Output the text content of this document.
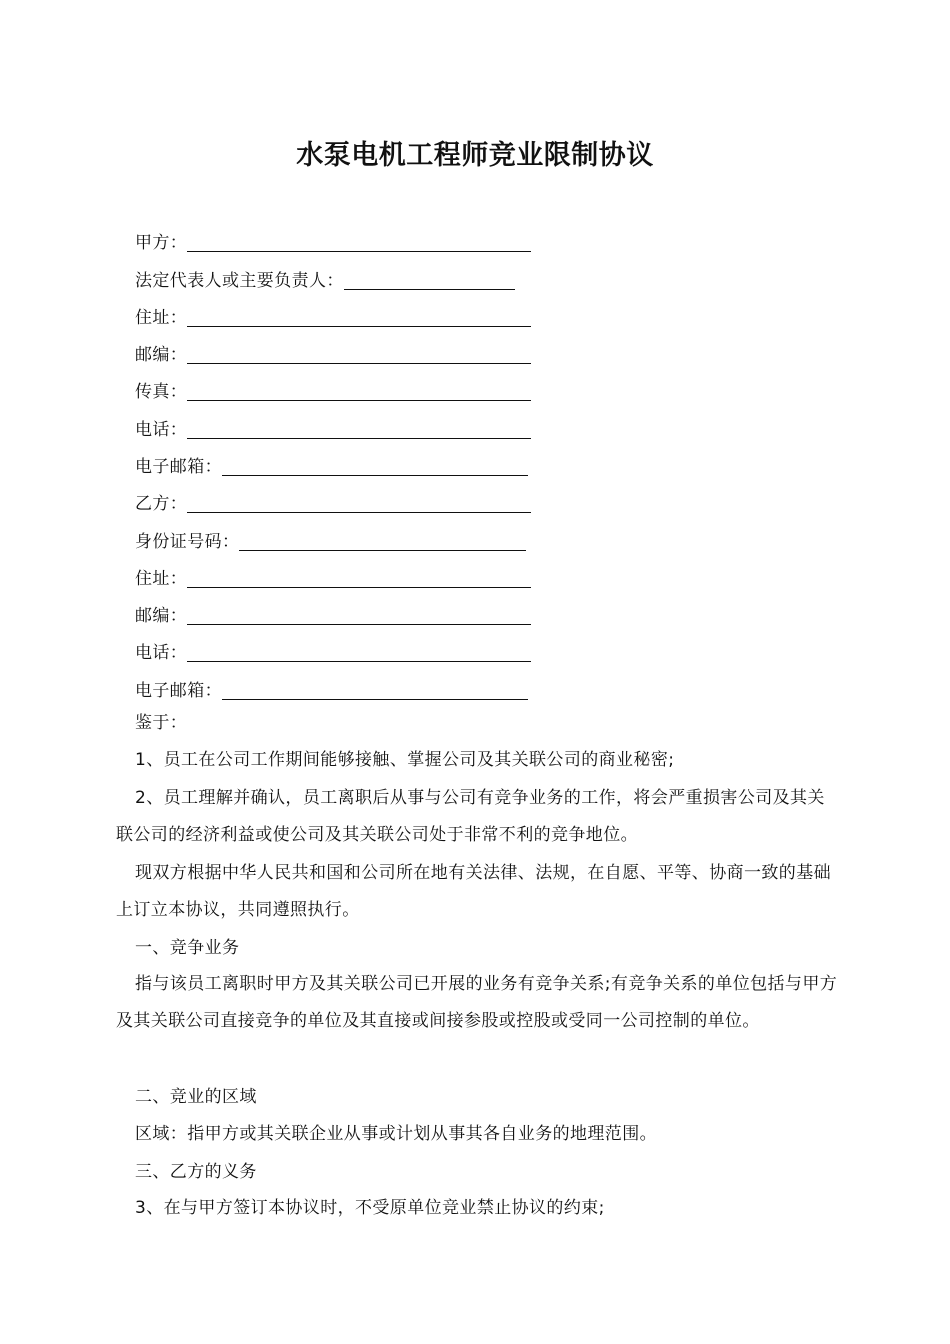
水泵电机工程师竞业限制协议
甲方：
法定代表人或主要负责人：
住址：
邮编：
传真：
电话：
电子邮箱：
乙方：
身份证号码：
住址：
邮编：
电话：
电子邮箱：
鉴于：

1、员工在公司工作期间能够接触、掌握公司及其关联公司的商业秘密;

2、员工理解并确认，员工离职后从事与公司有竞争业务的工作，将会严重损害公司及其关联公司的经济利益或使公司及其关联公司处于非常不利的竞争地位。

现双方根据中华人民共和国和公司所在地有关法律、法规，在自愿、平等、协商一致的基础上订立本协议，共同遵照执行。

一、竞争业务

指与该员工离职时甲方及其关联公司已开展的业务有竞争关系;有竞争关系的单位包括与甲方及其关联公司直接竞争的单位及其直接或间接参股或控股或受同一公司控制的单位。

二、竞业的区域

区域：指甲方或其关联企业从事或计划从事其各自业务的地理范围。

三、乙方的义务

3、在与甲方签订本协议时，不受原单位竞业禁止协议的约束;
